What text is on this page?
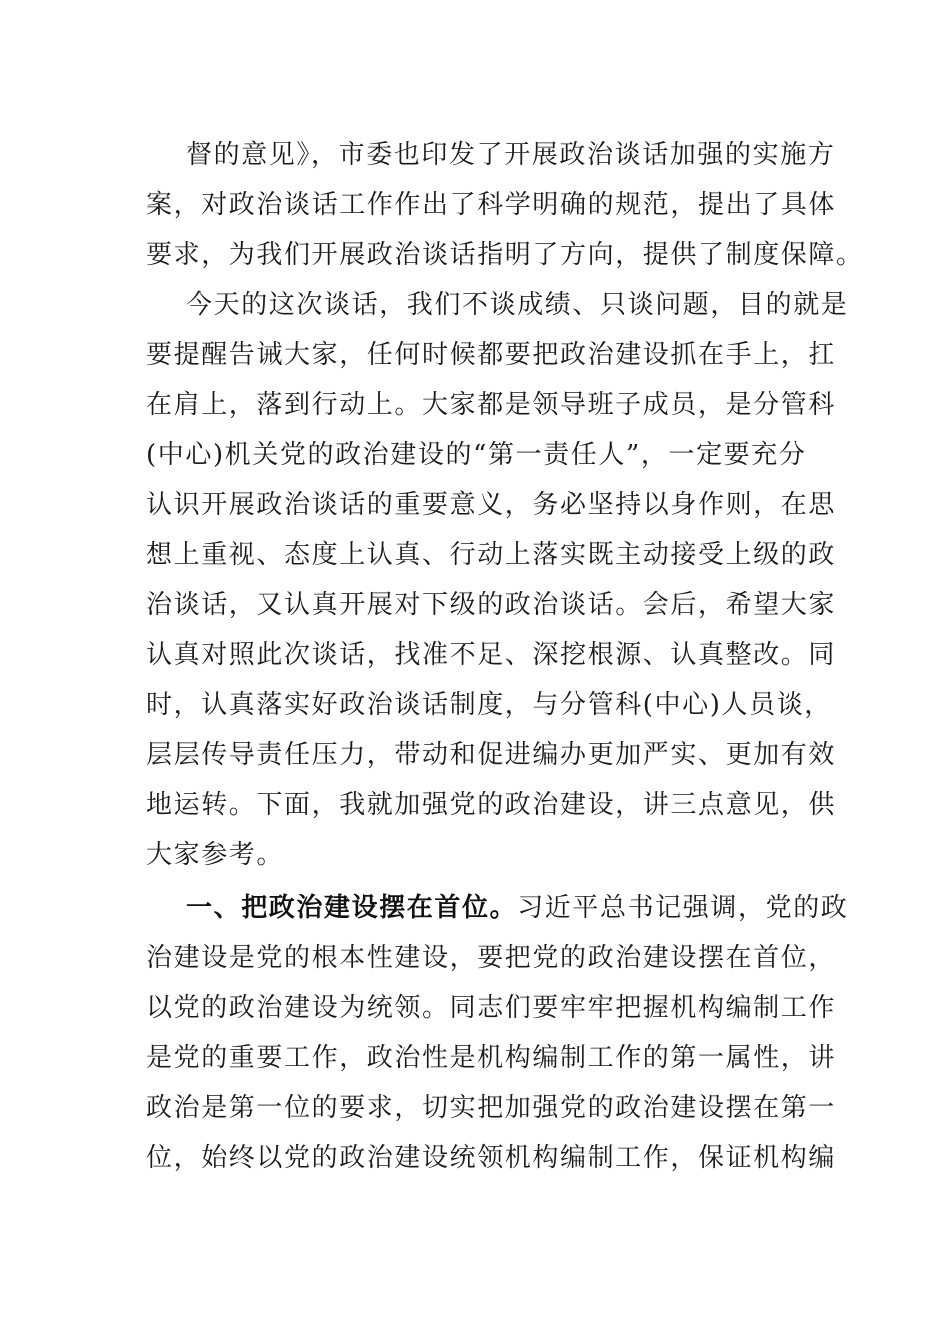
督的意见》，市委也印发了开展政治谈话加强的实施方
案，对政治谈话工作作出了科学明确的规范，提出了具体
要求，为我们开展政治谈话指明了方向，提供了制度保障。
今天的这次谈话，我们不谈成绩、只谈问题，目的就是
要提醒告诫大家，任何时候都要把政治建设抓在手上，扛
在肩上，落到行动上。大家都是领导班子成员，是分管科
(中心)机关党的政治建设的“第一责任人”，一定要充分
认识开展政治谈话的重要意义，务必坚持以身作则，在思
想上重视、态度上认真、行动上落实既主动接受上级的政
治谈话，又认真开展对下级的政治谈话。会后，希望大家
认真对照此次谈话，找准不足、深挖根源、认真整改。同
时，认真落实好政治谈话制度，与分管科(中心)人员谈，
层层传导责任压力，带动和促进编办更加严实、更加有效
地运转。下面，我就加强党的政治建设，讲三点意见，供
大家参考。
一、把政治建设摆在首位。习近平总书记强调，党的政
治建设是党的根本性建设，要把党的政治建设摆在首位，
以党的政治建设为统领。同志们要牢牢把握机构编制工作
是党的重要工作，政治性是机构编制工作的第一属性，讲
政治是第一位的要求，切实把加强党的政治建设摆在第一
位，始终以党的政治建设统领机构编制工作，保证机构编
